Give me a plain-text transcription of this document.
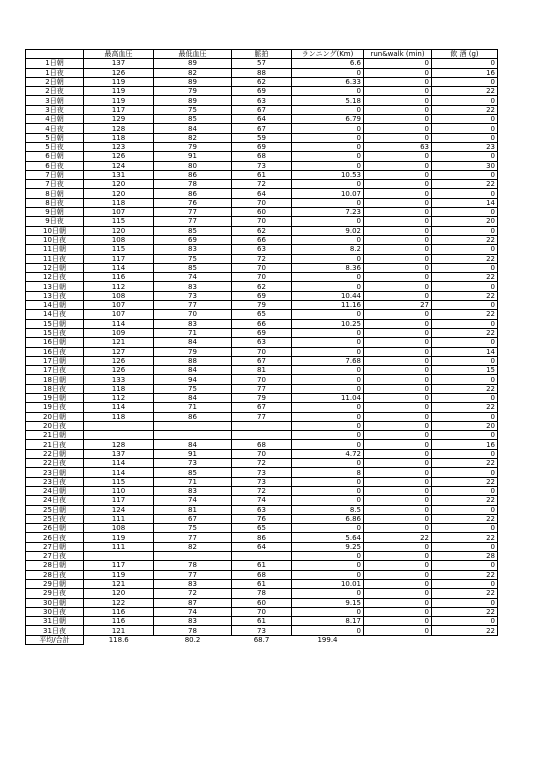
	最高血圧	最低血圧	脈拍	ランニング(Km)	run&walk (min)	飲 酒 (g)
1日朝	137	89	57	6.6	0	0
1日夜	126	82	88	0	0	16
2日朝	119	89	62	6.33	0	0
2日夜	119	79	69	0	0	22
3日朝	119	89	63	5.18	0	0
3日夜	117	75	67	0	0	22
4日朝	129	85	64	6.79	0	0
4日夜	128	84	67	0	0	0
5日朝	118	82	59	0	0	0
5日夜	123	79	69	0	63	23
6日朝	126	91	68	0	0	0
6日夜	124	80	73	0	0	30
7日朝	131	86	61	10.53	0	0
7日夜	120	78	72	0	0	22
8日朝	120	86	64	10.07	0	0
8日夜	118	76	70	0	0	14
9日朝	107	77	60	7.23	0	0
9日夜	115	77	70	0	0	20
10日朝	120	85	62	9.02	0	0
10日夜	108	69	66	0	0	22
11日朝	115	83	63	8.2	0	0
11日夜	117	75	72	0	0	22
12日朝	114	85	70	8.36	0	0
12日夜	116	74	70	0	0	22
13日朝	112	83	62	0	0	0
13日夜	108	73	69	10.44	0	22
14日朝	107	77	79	11.16	27	0
14日夜	107	70	65	0	0	22
15日朝	114	83	66	10.25	0	0
15日夜	109	71	69	0	0	22
16日朝	121	84	63	0	0	0
16日夜	127	79	70	0	0	14
17日朝	126	88	67	7.68	0	0
17日夜	126	84	81	0	0	15
18日朝	133	94	70	0	0	0
18日夜	118	75	77	0	0	22
19日朝	112	84	79	11.04	0	0
19日夜	114	71	67	0	0	22
20日朝	118	86	77	0	0	0
20日夜				0	0	20
21日朝				0	0	0
21日夜	128	84	68	0	0	16
22日朝	137	91	70	4.72	0	0
22日夜	114	73	72	0	0	22
23日朝	114	85	73	8	0	0
23日夜	115	71	73	0	0	22
24日朝	110	83	72	0	0	0
24日夜	117	74	74	0	0	22
25日朝	124	81	63	8.5	0	0
25日夜	111	67	76	6.86	0	22
26日朝	108	75	65	0	0	0
26日夜	119	77	86	5.64	22	22
27日朝	111	82	64	9.25	0	0
27日夜				0	0	28
28日朝	117	78	61	0	0	0
28日夜	119	77	68	0	0	22
29日朝	121	83	61	10.01	0	0
29日夜	120	72	78	0	0	22
30日朝	122	87	60	9.15	0	0
30日夜	116	74	70	0	0	22
31日朝	116	83	61	8.17	0	0
31日夜	121	78	73	0	0	22
平均/合計	118.6	80.2	68.7	199.4		
